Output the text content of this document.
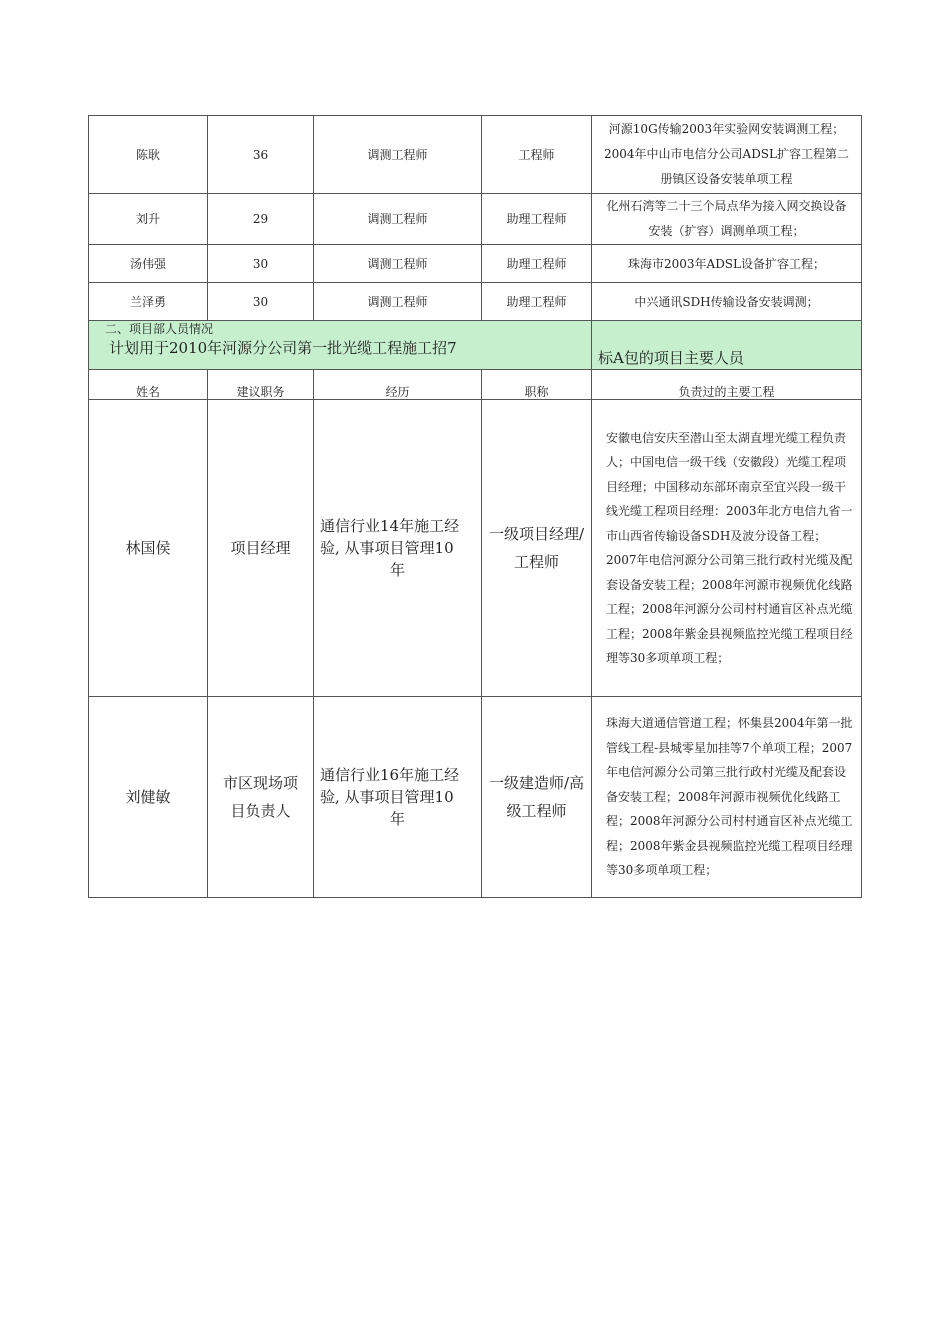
陈耿	36	调测工程师	工程师	河源10G传输2003年实验网安装调测工程；2004年中山市电信分公司ADSL扩容工程第二册镇区设备安装单项工程
刘升	29	调测工程师	助理工程师	化州石湾等二十三个局点华为接入网交换设备安装（扩容）调测单项工程；
汤伟强	30	调测工程师	助理工程师	珠海市2003年ADSL设备扩容工程；
兰泽勇	30	调测工程师	助理工程师	中兴通讯SDH传输设备安装调测；

二、项目部人员情况
计划用于2010年河源分公司第一批光缆工程施工招7				标A包的项目主要人员

姓名	建议职务	经历	职称	负责过的主要工程
林国侯	项目经理	通信行业14年施工经
验, 从事项目管理10
年	一级项目经理/工程师	安徽电信安庆至潜山至太湖直埋光缆工程负责人；中国电信一级干线（安徽段）光缆工程项目经理；中国移动东部环南京至宜兴段一级干线光缆工程项目经理：2003年北方电信九省一市山西省传输设备SDH及波分设备工程；2007年电信河源分公司第三批行政村光缆及配套设备安装工程；2008年河源市视频优化线路工程；2008年河源分公司村村通盲区补点光缆工程；2008年紫金县视频监控光缆工程项目经理等30多项单项工程；
刘健敏	市区现场项目负责人	通信行业16年施工经
验, 从事项目管理10
年	一级建造师/高级工程师	珠海大道通信管道工程；怀集县2004年第一批管线工程-县城零星加挂等7个单项工程；2007年电信河源分公司第三批行政村光缆及配套设备安装工程；2008年河源市视频优化线路工程；2008年河源分公司村村通盲区补点光缆工程；2008年紫金县视频监控光缆工程项目经理等30多项单项工程；
